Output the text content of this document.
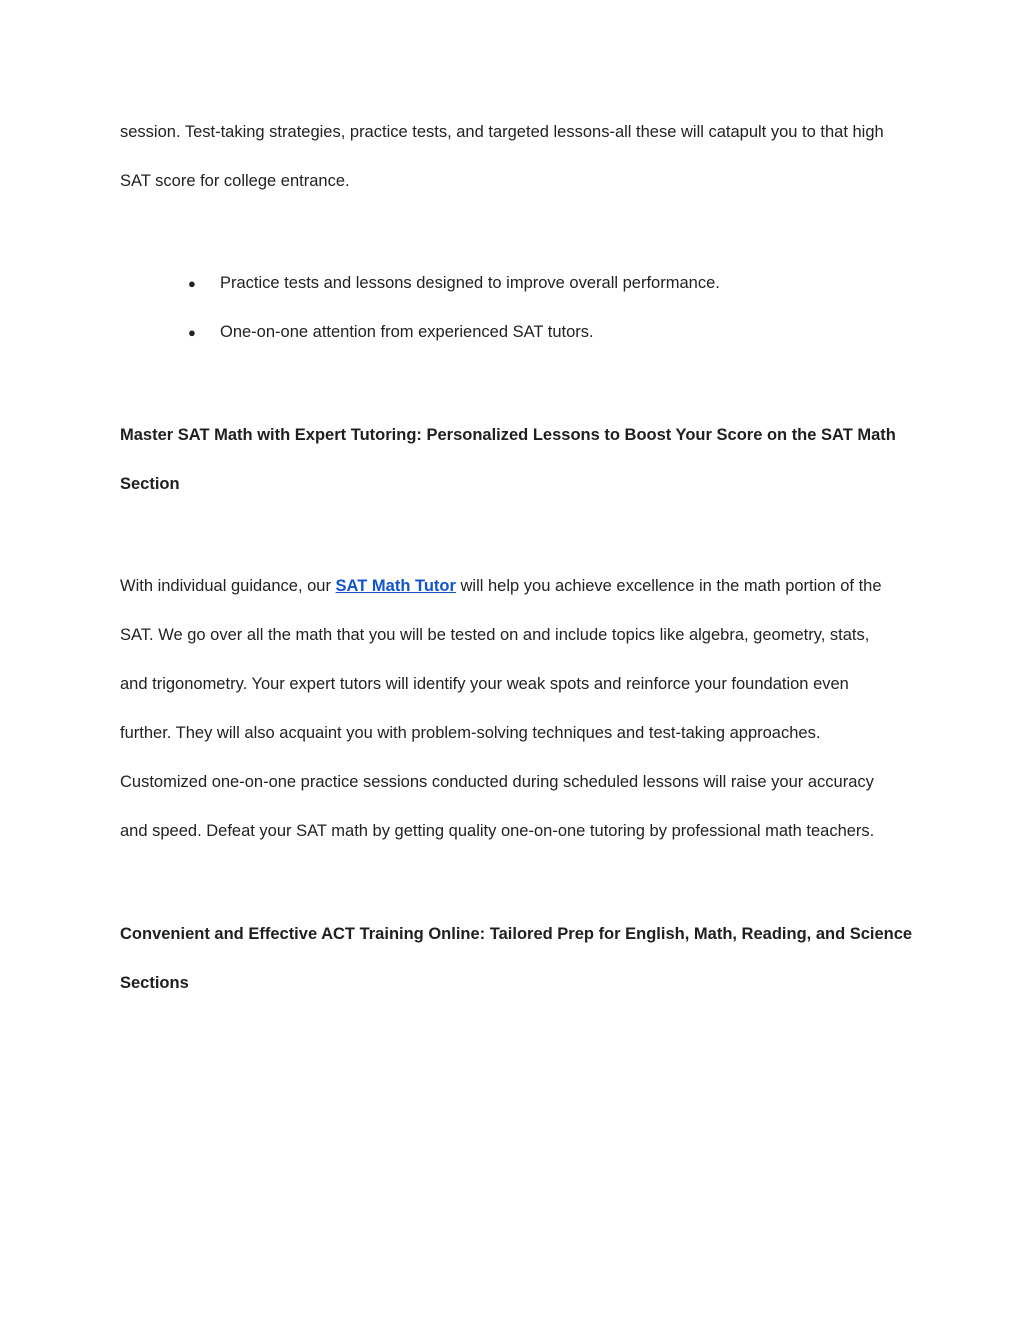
session. Test-taking strategies, practice tests, and targeted lessons-all these will catapult you to that high
SAT score for college entrance.

● Practice tests and lessons designed to improve overall performance.
● One-on-one attention from experienced SAT tutors.

Master SAT Math with Expert Tutoring: Personalized Lessons to Boost Your Score on the SAT Math
Section

With individual guidance, our SAT Math Tutor will help you achieve excellence in the math portion of the
SAT. We go over all the math that you will be tested on and include topics like algebra, geometry, stats,
and trigonometry. Your expert tutors will identify your weak spots and reinforce your foundation even
further. They will also acquaint you with problem-solving techniques and test-taking approaches.
Customized one-on-one practice sessions conducted during scheduled lessons will raise your accuracy
and speed. Defeat your SAT math by getting quality one-on-one tutoring by professional math teachers.

Convenient and Effective ACT Training Online: Tailored Prep for English, Math, Reading, and Science
Sections
